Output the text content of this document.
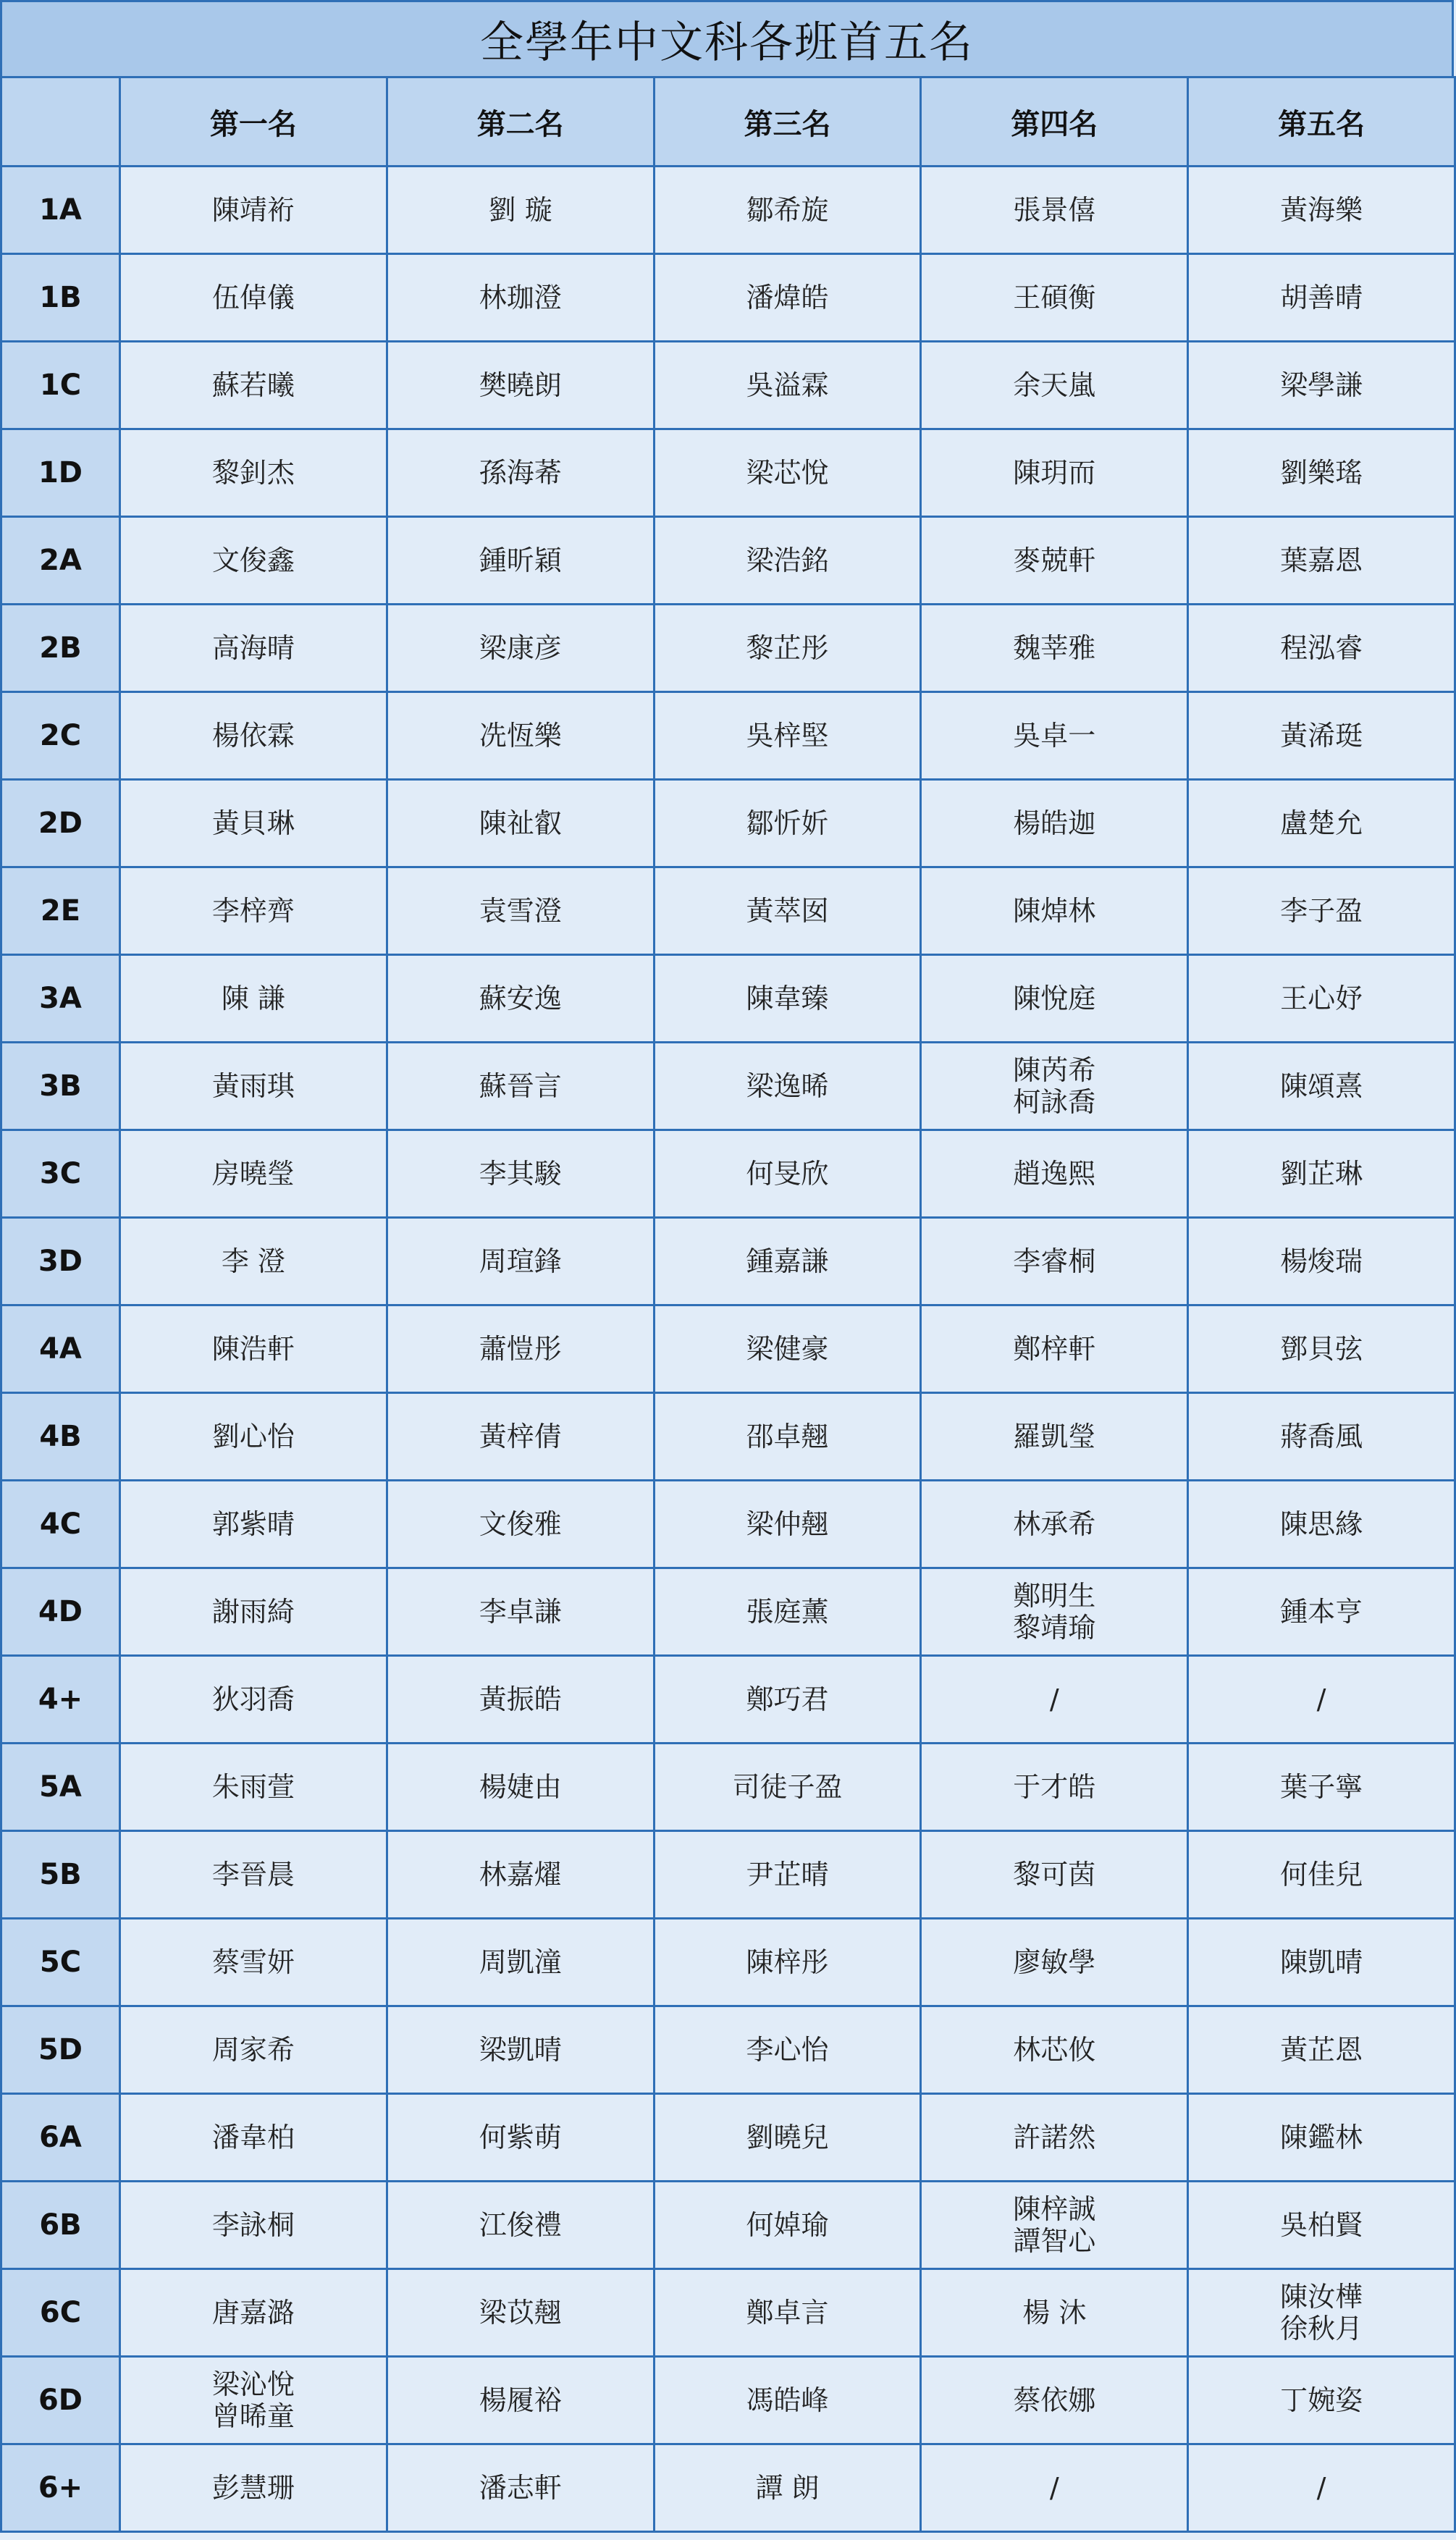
全學年中文科各班首五名
	第一名	第二名	第三名	第四名	第五名
1A	陳靖裄	劉 璇	鄒希旋	張景僖	黃海樂

1B	伍倬儀	林珈澄	潘煒皓	王碩衡	胡善晴

1C	蘇若曦	樊曉朗	吳溢霖	余天嵐	梁學謙

1D	黎釗杰	孫海莃	梁芯悅	陳玥而	劉樂瑤

2A	文俊鑫	鍾昕穎	梁浩銘	麥兢軒	葉嘉恩

2B	高海晴	梁康彦	黎芷彤	魏莘雅	程泓睿

2C	楊依霖	冼恆樂	吳梓堅	吳卓一	黃浠珽

2D	黃貝琳	陳祉叡	鄒忻妡	楊皓迦	盧楚允

2E	李梓齊	袁雪澄	黃萃囡	陳焯林	李子盈

3A	陳 謙	蘇安逸	陳韋臻	陳悅庭	王心妤

3B	黃雨琪	蘇晉言	梁逸晞	陳芮希
柯詠喬	陳頌熹

3C	房曉瑩	李其駿	何旻欣	趙逸熙	劉芷琳

3D	李 澄	周瑄鋒	鍾嘉謙	李睿桐	楊焌瑞

4A	陳浩軒	蕭愷彤	梁健豪	鄭梓軒	鄧貝弦

4B	劉心怡	黃梓倩	邵卓翹	羅凱瑩	蔣喬風

4C	郭紫晴	文俊雅	梁仲翹	林承希	陳思緣

4D	謝雨綺	李卓謙	張庭薰	鄭明生
黎靖瑜	鍾本亨

4+	狄羽喬	黃振皓	鄭巧君	/	/

5A	朱雨萱	楊婕由	司徒子盈	于才皓	葉子寧

5B	李晉晨	林嘉燿	尹芷晴	黎可茵	何佳兒

5C	蔡雪妍	周凱潼	陳梓彤	廖敏學	陳凱晴

5D	周家希	梁凱晴	李心怡	林芯攸	黃芷恩

6A	潘韋柏	何紫萌	劉曉兒	許諾然	陳鑑林

6B	李詠桐	江俊禮	何婥瑜	陳梓誠
譚智心	吳柏賢

6C	唐嘉潞	梁苡翹	鄭卓言	楊 沐	陳汝樺
徐秋月

6D	梁沁悅
曾晞童	楊履裕	馮皓峰	蔡依娜	丁婉姿

6+	彭慧珊	潘志軒	譚 朗	/	/
